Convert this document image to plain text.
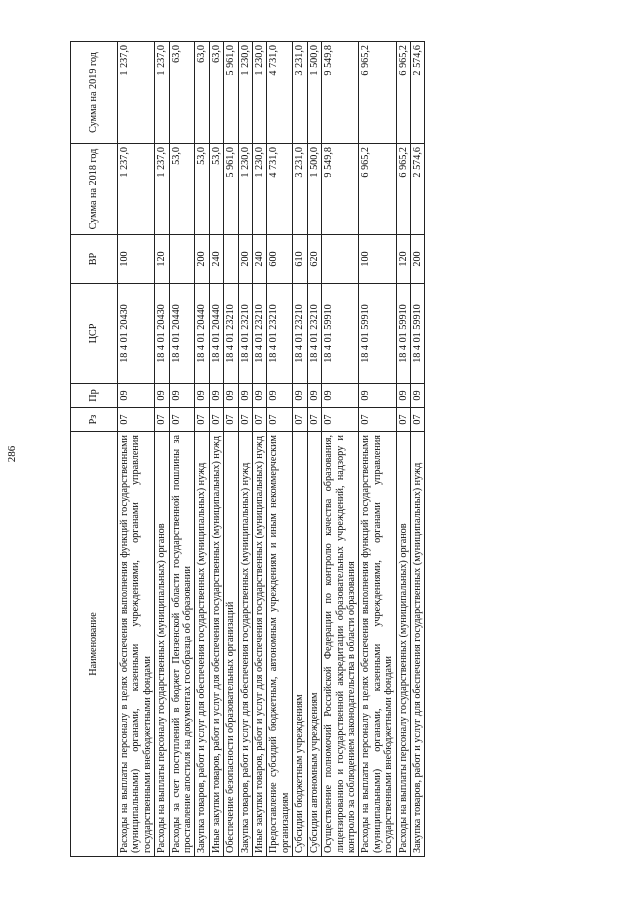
286
Наименование	Рз	Пр	ЦСР	ВР	Сумма на 2018 год	Сумма на 2019 год
Расходы на выплаты персоналу в целях обеспечения выполнения функций государственными (муниципальными) органами, казенными учреждениями, органами управления государственными внебюджетными фондами	07	09	18 4 01 20430	100	1 237,0	1 237,0
Расходы на выплаты персоналу государственных (муниципальных) органов	07	09	18 4 01 20430	120	1 237,0	1 237,0
Расходы за счет поступлений в бюджет Пензенской области государственной пошлины за проставление апостиля на документах гособразца об образовании	07	09	18 4 01 20440		53,0	63,0
Закупка товаров, работ и услуг для обеспечения государственных (муниципальных) нужд	07	09	18 4 01 20440	200	53,0	63,0
Иные закупки товаров, работ и услуг для обеспечения государственных (муниципальных) нужд	07	09	18 4 01 20440	240	53,0	63,0
Обеспечение безопасности образовательных организаций	07	09	18 4 01 23210		5 961,0	5 961,0
Закупка товаров, работ и услуг для обеспечения государственных (муниципальных) нужд	07	09	18 4 01 23210	200	1 230,0	1 230,0
Иные закупки товаров, работ и услуг для обеспечения государственных (муниципальных) нужд	07	09	18 4 01 23210	240	1 230,0	1 230,0
Предоставление субсидий бюджетным, автономным учреждениям и иным некоммерческим организациям	07	09	18 4 01 23210	600	4 731,0	4 731,0
Субсидии бюджетным учреждениям	07	09	18 4 01 23210	610	3 231,0	3 231,0
Субсидии автономным учреждениям	07	09	18 4 01 23210	620	1 500,0	1 500,0
Осуществление полномочий Российской Федерации по контролю качества образования, лицензированию и государственной аккредитации образовательных учреждений, надзору и контролю за соблюдением законодательства в области образования	07	09	18 4 01 59910		9 549,8	9 549,8
Расходы на выплаты персоналу в целях обеспечения выполнения функций государственными (муниципальными) органами, казенными учреждениями, органами управления государственными внебюджетными фондами	07	09	18 4 01 59910	100	6 965,2	6 965,2
Расходы на выплаты персоналу государственных (муниципальных) органов	07	09	18 4 01 59910	120	6 965,2	6 965,2
Закупка товаров, работ и услуг для обеспечения государственных (муниципальных) нужд	07	09	18 4 01 59910	200	2 574,6	2 574,6
